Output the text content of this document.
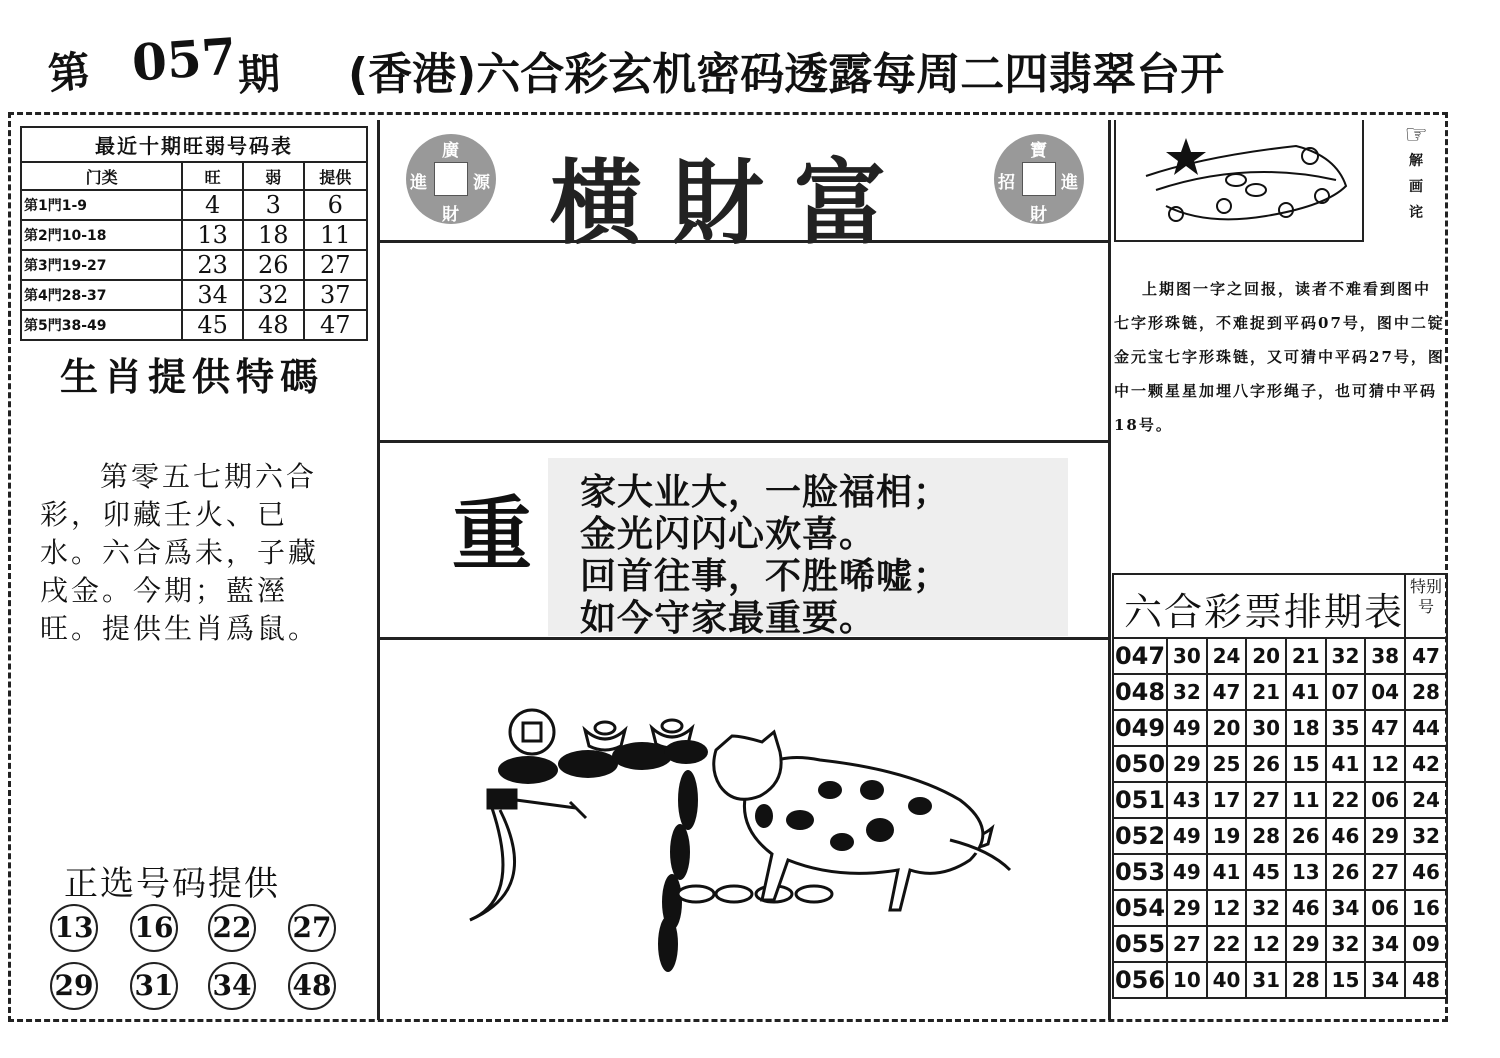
第 057
期 (香港)六合彩玄机密码透露每周二四翡翠台开
最近十期旺弱号码表
门类	旺	弱	提供
第1門1-9	4	3	6
第2門10-18	13	18	11
第3門19-27	23	26	27
第4門28-37	34	32	37
第5門38-49	45	48	47
生肖提供特碼
第零五七期六合彩，卯藏壬火、已水。六合爲未，子藏戌金。今期；藍溼旺。提供生肖爲鼠。
正选号码提供
13 16 22 27
29 31 34 48
廣
進	源
財 横財富	寶
招	進
財
重 家大业大，一脸福相；
金光闪闪心欢喜。
回首往事，不胜唏嘘；
如今守家最重要。
☞
解
画
诧

上期图一字之回报，读者不难看到图中七字形珠链，不难捉到平码07号，图中二锭金元宝七字形珠链，又可猜中平码27号，图中一颗星星加埋八字形绳子，也可猜中平码18号。

六合彩票排期表
特别号
047	30	24	20	21	32	38	47
048	32	47	21	41	07	04	28
049	49	20	30	18	35	47	44
050	29	25	26	15	41	12	42
051	43	17	27	11	22	06	24
052	49	19	28	26	46	29	32
053	49	41	45	13	26	27	46
054	29	12	32	46	34	06	16
055	27	22	12	29	32	34	09
056	10	40	31	28	15	34	48
